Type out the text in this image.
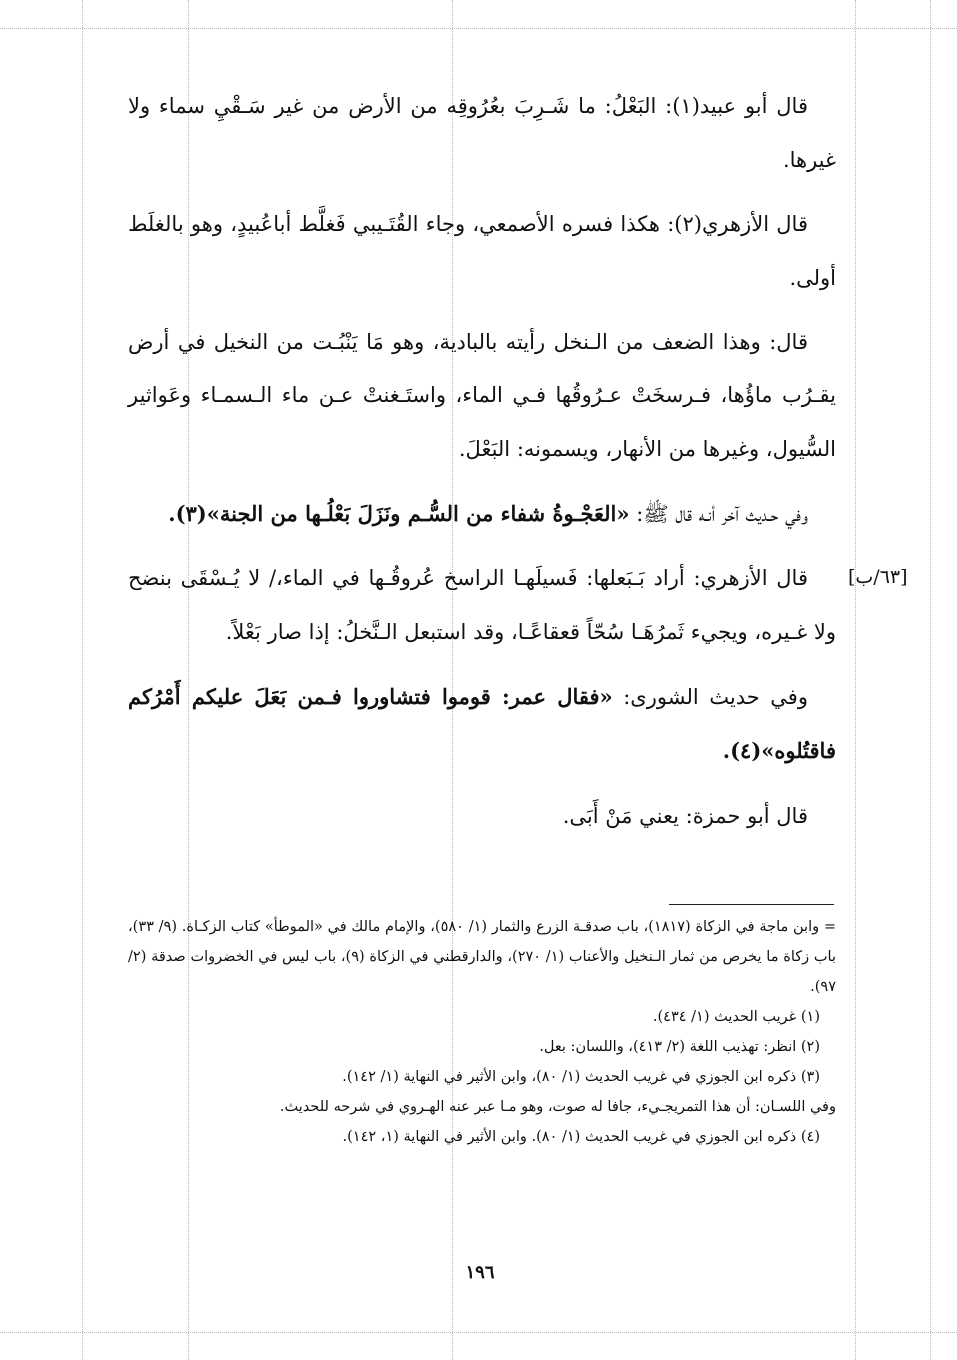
قال أبو عبيد(١): البَعْلُ: ما شَـرِبَ بعُرُوقِه من الأرض من غير سَـقْيِ سماء ولا غيرها.

قال الأزهري(٢): هكذا فسره الأصمعي، وجاء القُتَـيبي فَغلَّط أباعُبيدٍ، وهو بالغلَط أولى.

قال: وهذا الضعف من الـنخل رأيته بالبادية، وهو مَا يَنْبُـت من النخيل في أرض يقـرُب ماؤُها، فـرسخَتْ عـرُوقُها فـي الماء، واستَـغنتْ عـن ماء الـسمـاء وعَواثير السُّيول، وغيرها من الأنهار، ويسمونه: البَعْلَ.

وفي حـديث آخر أنـه قال ﷺ: «العَجْـوةُ شفاء من السُّـم ونَزَلَ بَعْلُـها من الجنة»(٣).

قال الأزهري: أراد بَـبَعلها: فَسيلَهـا الراسخ عُروقُـها في الماء،/ لا يُـسْقَى بنضح ولا غـيره، ويجيء ثَمرُهَـا سُحّاً قعقاعًـا، وقد استبعل الـنَّخلُ: إذا صار بَعْلاً.

وفي حديث الشورى: «فقال عمر: قوموا فتشاوروا فـمن بَعَلَ عليكم أَمْرُكم فاقتُلوه»(٤).

قال أبو حمزة: يعني مَنْ أَبَى.

[٦٣/ب]

= وابن ماجة في الزكاة (١٨١٧)، باب صدقـة الزرع والثمار (١/ ٥٨٠)، والإمام مالك في «الموطأ» كتاب الزكـاة. (٩/ ٣٣)، باب زكاة ما يخرص من ثمار الـنخيل والأعناب (١/ ٢٧٠)، والدارقطني في الزكاة (٩)، باب ليس في الخضروات صدقة (٢/ ٩٧).

(١) غريب الحديث (١/ ٤٣٤).

(٢) انظر: تهذيب اللغة (٢/ ٤١٣)، واللسان: بعل.

(٣) ذكره ابن الجوزي في غريب الحديث (١/ ٨٠)، وابن الأثير في النهاية (١/ ١٤٢).

وفي اللسـان: أن هذا التمريجـيء، جافا له صوت، وهو مـا عبر عنه الهـروي في شرحه للحديث.

(٤) ذكره ابن الجوزي في غريب الحديث (١/ ٨٠). وابن الأثير في النهاية (١، ١٤٢).

١٩٦
